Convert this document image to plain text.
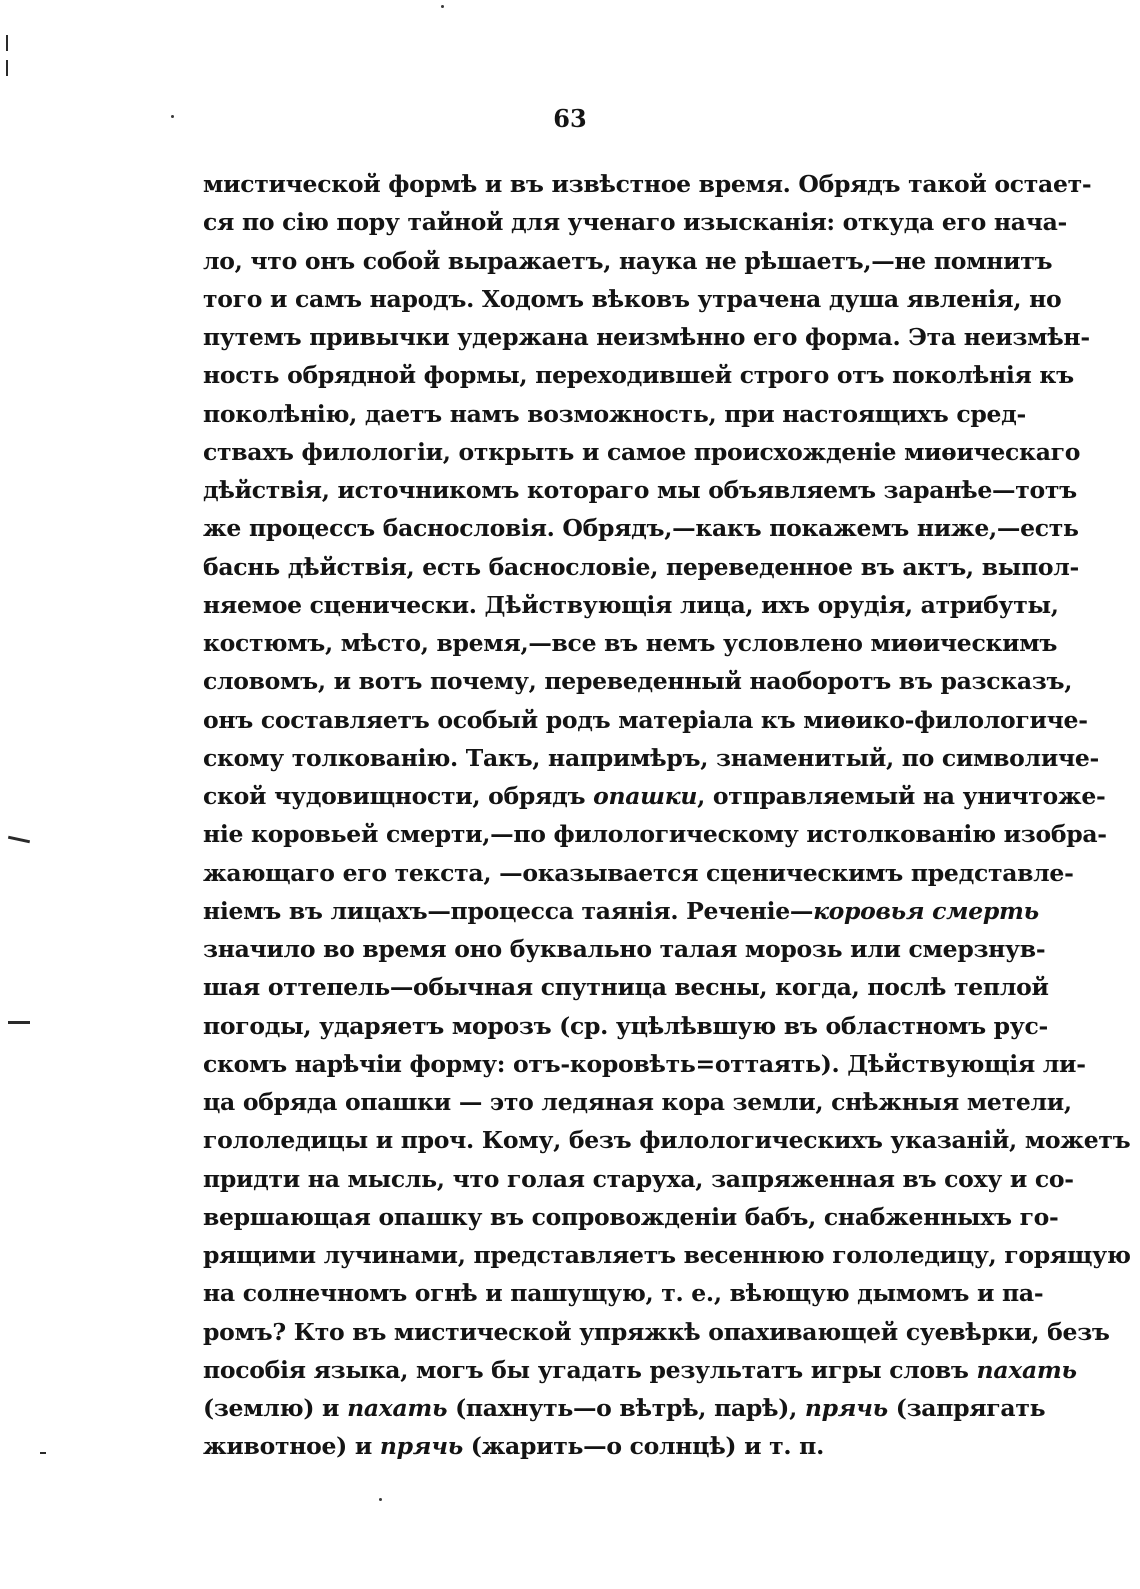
63
мистической формѣ и въ извѣстное время. Обрядъ такой остает-
ся по сію пору тайной для ученаго изысканія: откуда его нача-
ло, что онъ собой выражаетъ, наука не рѣшаетъ,—не помнитъ
того и самъ народъ. Ходомъ вѣковъ утрачена душа явленія, но
путемъ привычки удержана неизмѣнно его форма. Эта неизмѣн-
ность обрядной формы, переходившей строго отъ поколѣнія къ
поколѣнію, даетъ намъ возможность, при настоящихъ сред-
ствахъ филологіи, открыть и самое происхожденіе миѳическаго
дѣйствія, источникомъ котораго мы объявляемъ заранѣе—тотъ
же процессъ баснословія. Обрядъ,—какъ покажемъ ниже,—есть
баснь дѣйствія, есть баснословіе, переведенное въ актъ, выпол-
няемое сценически. Дѣйствующія лица, ихъ орудія, атрибуты,
костюмъ, мѣсто, время,—все въ немъ условлено миѳическимъ
словомъ, и вотъ почему, переведенный наоборотъ въ разсказъ,
онъ составляетъ особый родъ матеріала къ миѳико-филологиче-
скому толкованію. Такъ, напримѣръ, знаменитый, по символиче-
ской чудовищности, обрядъ опашки, отправляемый на уничтоже-
ніе коровьей смерти,—по филологическому истолкованію изобра-
жающаго его текста, —оказывается сценическимъ представле-
ніемъ въ лицахъ—процесса таянія. Реченіе—коровья смерть
значило во время оно буквально талая морозь или смерзнув-
шая оттепель—обычная спутница весны, когда, послѣ теплой
погоды, ударяетъ морозъ (ср. уцѣлѣвшую въ областномъ рус-
скомъ нарѣчіи форму: отъ-коровѣть=оттаять). Дѣйствующія ли-
ца обряда опашки — это ледяная кора земли, снѣжныя метели,
гололедицы и проч. Кому, безъ филологическихъ указаній, можетъ
придти на мысль, что голая старуха, запряженная въ соху и со-
вершающая опашку въ сопровожденіи бабъ, снабженныхъ го-
рящими лучинами, представляетъ весеннюю гололедицу, горящую
на солнечномъ огнѣ и пашущую, т. е., вѣющую дымомъ и па-
ромъ? Кто въ мистической упряжкѣ опахивающей суевѣрки, безъ
пособія языка, могъ бы угадать результатъ игры словъ пахать
(землю) и пахать (пахнуть—о вѣтрѣ, парѣ), прячь (запрягать
животное) и прячь (жарить—о солнцѣ) и т. п.
